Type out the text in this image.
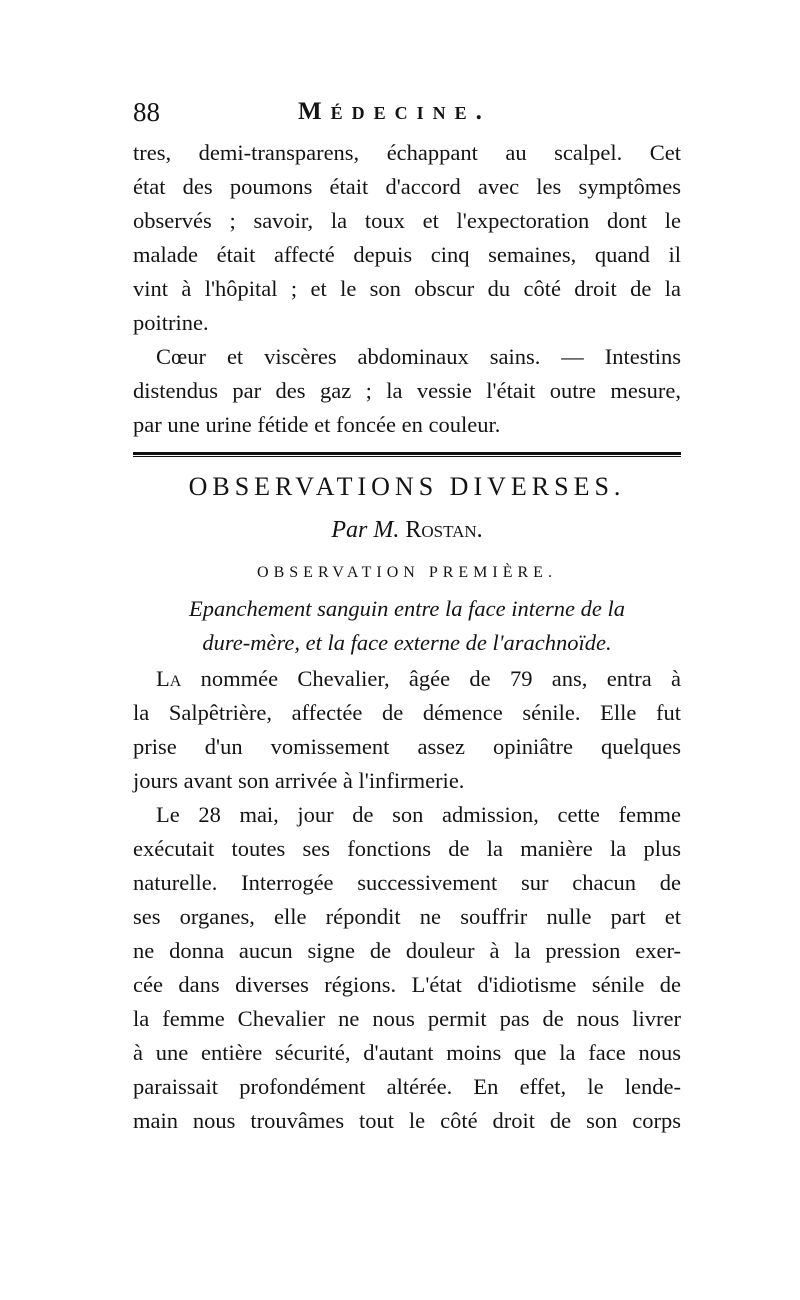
88	Médecine.
tres, demi-transparens, échappant au scalpel. Cet
état des poumons était d'accord avec les symptômes
observés ; savoir, la toux et l'expectoration dont le
malade était affecté depuis cinq semaines, quand il
vint à l'hôpital ; et le son obscur du côté droit de la
poitrine.
Cœur et viscères abdominaux sains. — Intestins
distendus par des gaz ; la vessie l'était outre mesure,
par une urine fétide et foncée en couleur.
OBSERVATIONS DIVERSES.
Par M. Rostan.
OBSERVATION PREMIÈRE.
Epanchement sanguin entre la face interne de la
dure-mère, et la face externe de l'arachnoïde.
La nommée Chevalier, âgée de 79 ans, entra à
la Salpêtrière, affectée de démence sénile. Elle fut
prise d'un vomissement assez opiniâtre quelques
jours avant son arrivée à l'infirmerie.
Le 28 mai, jour de son admission, cette femme
exécutait toutes ses fonctions de la manière la plus
naturelle. Interrogée successivement sur chacun de
ses organes, elle répondit ne souffrir nulle part et
ne donna aucun signe de douleur à la pression exer-
cée dans diverses régions. L'état d'idiotisme sénile de
la femme Chevalier ne nous permit pas de nous livrer
à une entière sécurité, d'autant moins que la face nous
paraissait profondément altérée. En effet, le lende-
main nous trouvâmes tout le côté droit de son corps
